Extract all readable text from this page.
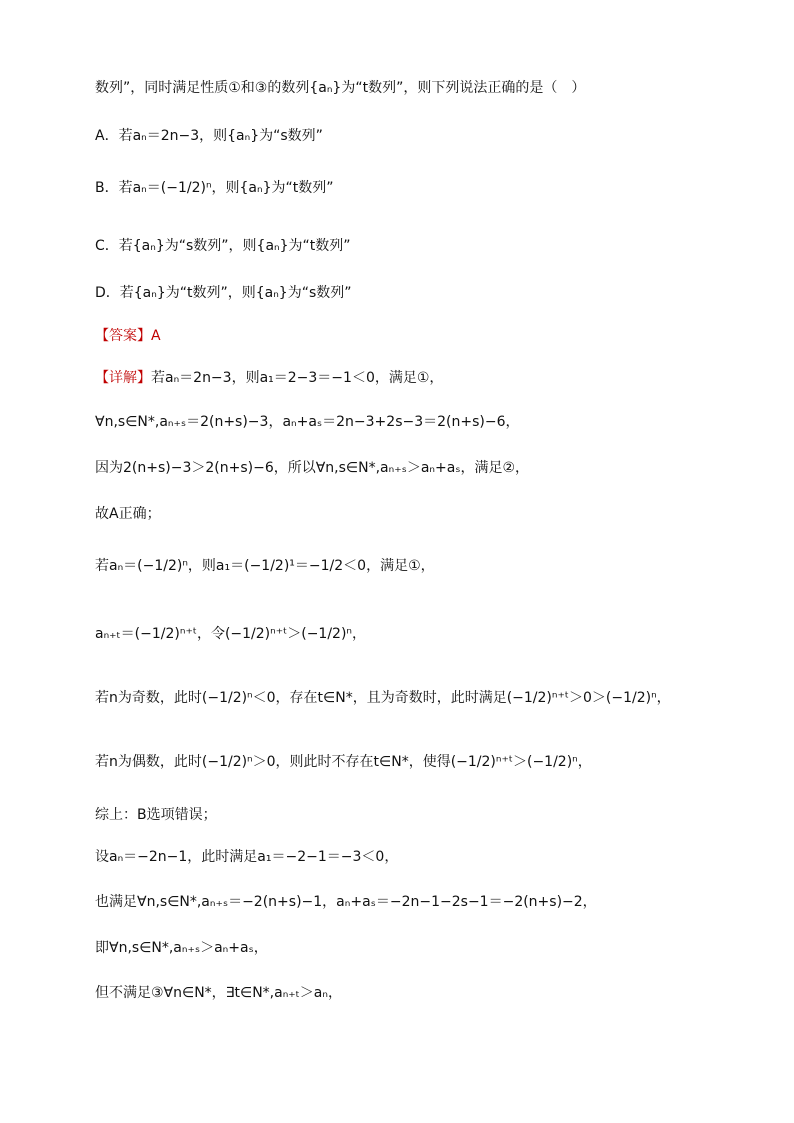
数列”，同时满足性质①和③的数列{aₙ}为“t数列”，则下列说法正确的是（　）
A．若aₙ＝2n−3，则{aₙ}为“s数列”
B．若aₙ＝(−1/2)ⁿ，则{aₙ}为“t数列”
C．若{aₙ}为“s数列”，则{aₙ}为“t数列”
D．若{aₙ}为“t数列”，则{aₙ}为“s数列”
【答案】A
【详解】若aₙ＝2n−3，则a₁＝2−3＝−1＜0，满足①，
∀n,s∈N*,aₙ₊ₛ＝2(n+s)−3，aₙ+aₛ＝2n−3+2s−3＝2(n+s)−6，
因为2(n+s)−3＞2(n+s)−6，所以∀n,s∈N*,aₙ₊ₛ＞aₙ+aₛ，满足②，
故A正确；
若aₙ＝(−1/2)ⁿ，则a₁＝(−1/2)¹＝−1/2＜0，满足①，
aₙ₊ₜ＝(−1/2)ⁿ⁺ᵗ，令(−1/2)ⁿ⁺ᵗ＞(−1/2)ⁿ，
若n为奇数，此时(−1/2)ⁿ＜0，存在t∈N*，且为奇数时，此时满足(−1/2)ⁿ⁺ᵗ＞0＞(−1/2)ⁿ，
若n为偶数，此时(−1/2)ⁿ＞0，则此时不存在t∈N*，使得(−1/2)ⁿ⁺ᵗ＞(−1/2)ⁿ，
综上：B选项错误；
设aₙ＝−2n−1，此时满足a₁＝−2−1＝−3＜0，
也满足∀n,s∈N*,aₙ₊ₛ＝−2(n+s)−1，aₙ+aₛ＝−2n−1−2s−1＝−2(n+s)−2，
即∀n,s∈N*,aₙ₊ₛ＞aₙ+aₛ，
但不满足③∀n∈N*，∃t∈N*,aₙ₊ₜ＞aₙ，
